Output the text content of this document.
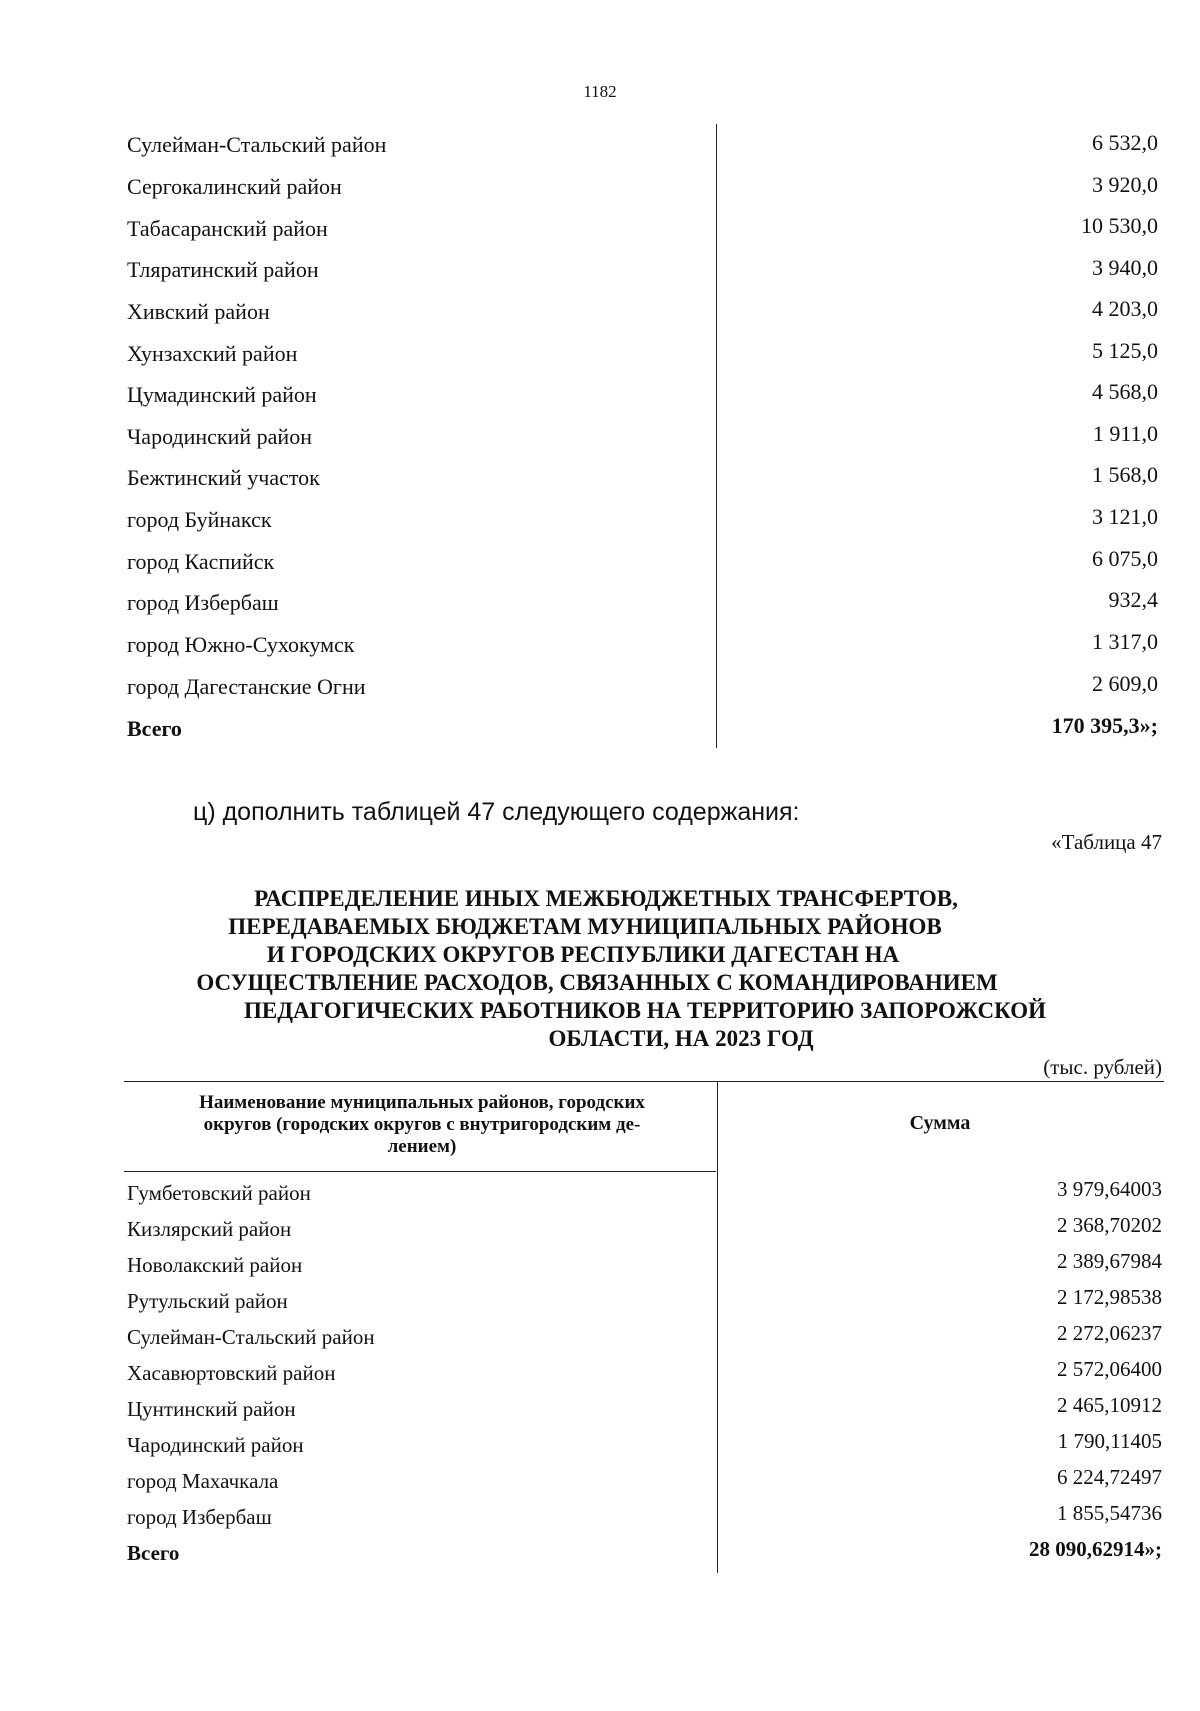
1182
Сулейман-Стальский район	6 532,0
Сергокалинский район	3 920,0
Табасаранский район	10 530,0
Тляратинский район	3 940,0
Хивский район	4 203,0
Хунзахский район	5 125,0
Цумадинский район	4 568,0
Чародинский район	1 911,0
Бежтинский участок	1 568,0
город Буйнакск	3 121,0
город Каспийск	6 075,0
город Избербаш	932,4
город Южно-Сухокумск	1 317,0
город Дагестанские Огни	2 609,0
Всего	170 395,3»;
ц) дополнить таблицей 47 следующего содержания:
«Таблица 47
РАСПРЕДЕЛЕНИЕ ИНЫХ МЕЖБЮДЖЕТНЫХ ТРАНСФЕРТОВ,
ПЕРЕДАВАЕМЫХ БЮДЖЕТАМ МУНИЦИПАЛЬНЫХ РАЙОНОВ
И ГОРОДСКИХ ОКРУГОВ РЕСПУБЛИКИ ДАГЕСТАН НА
ОСУЩЕСТВЛЕНИЕ РАСХОДОВ, СВЯЗАННЫХ С КОМАНДИРОВАНИЕМ
ПЕДАГОГИЧЕСКИХ РАБОТНИКОВ НА ТЕРРИТОРИЮ ЗАПОРОЖСКОЙ
ОБЛАСТИ, НА 2023 ГОД
(тыс. рублей)
Наименование муниципальных районов, городских
округов (городских округов с внутригородским де-
лением)
Сумма
Гумбетовский район	3 979,64003
Кизлярский район	2 368,70202
Новолакский район	2 389,67984
Рутульский район	2 172,98538
Сулейман-Стальский район	2 272,06237
Хасавюртовский район	2 572,06400
Цунтинский район	2 465,10912
Чародинский район	1 790,11405
город Махачкала	6 224,72497
город Избербаш	1 855,54736
Всего	28 090,62914»;
